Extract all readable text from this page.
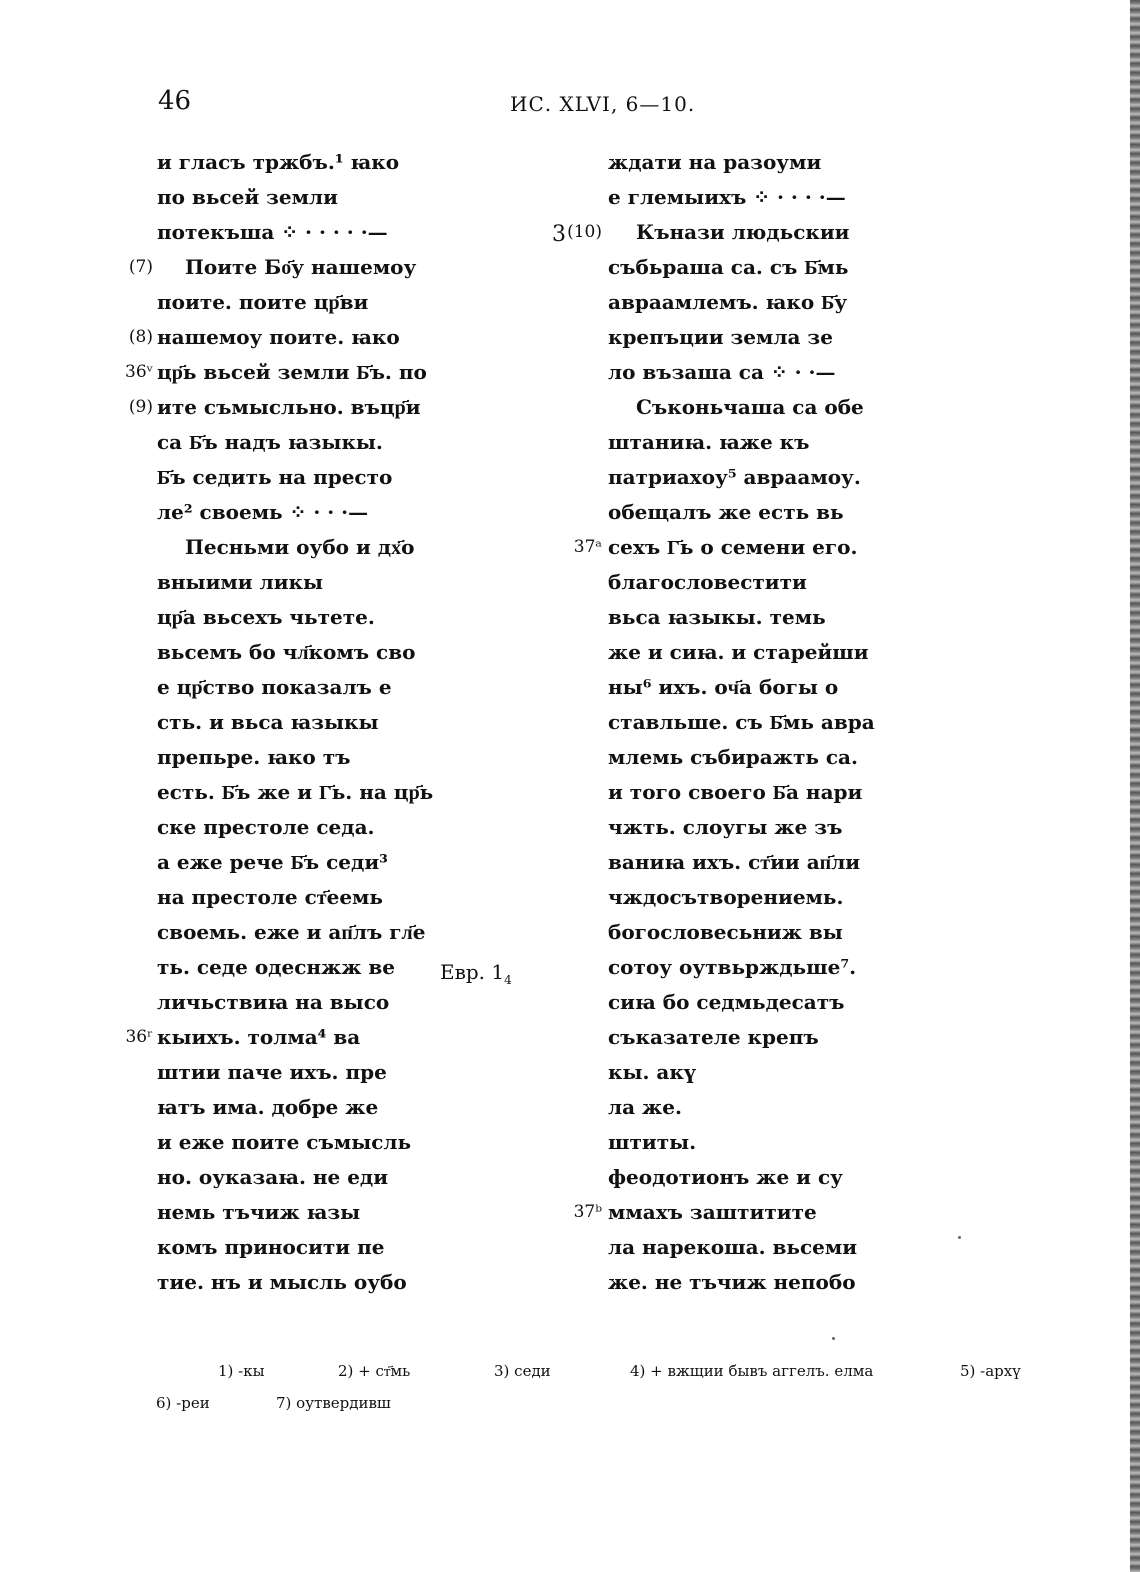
46	ИС. XLVI, 6—10.
и гласъ тржбъ.¹ ꙗко
по вьсей земли
потекъша ⁘ · · · · ·—
(7) Поите Бо҃у нашемоу
поите. поите цр҃ви
(8) нашемоу поите. ꙗко
36ᵛ цр҃ь вьсей земли Б҃ъ. по
(9) ите съмысльно. въцр҃и
са Б҃ъ надъ ꙗзыкы.
Б҃ъ седить на престо
ле² своемь ⁘ · · ·—
Песньми оубо и дх҃о
вныими ликы
цр҃а вьсехъ чьтете.
вьсемъ бо чл҃комъ сво
е цр҃ство показалъ е
сть. и вьса ꙗзыкы
препьре. ꙗко тъ
есть. Б҃ъ же и Г҃ь. на цр҃ь
ске престоле седа.
а еже рече Б҃ъ седи³
на престоле ст҃еемь
своемь. еже и ап҃лъ гл҃е
ть. седе одеснжж ве
личьствиꙗ на высо
36ʳ кыихъ. толма⁴ ва
штии паче ихъ. пре
ꙗтъ има. добре же
и еже поите съмысль
но. оуказаꙗ. не еди
немь тъчиж ꙗзы
комъ приносити пе
тие. нъ и мысль оубо
ждати на разоуми
е глемыихъ ⁘ · · · ·—
(10) Кънази людьскии
събьраша са. съ Б҃мь
авраамлемъ. ꙗко Б҃у
крепъции земла зе
ло възаша са ⁘ · ·—
Съконьчаша са обе
штаниꙗ. ꙗже къ
патриахоу⁵ авраамоу.
обещалъ же есть вь
37ᵃ сехъ Г҃ь о семени его.
благословестити
вьса ꙗзыкы. темь
же и сиꙗ. и старейши
ны⁶ ихъ. оч҃а богы о
ставльше. съ Б҃мь авра
млемь събиражть са.
и того своего Б҃а нари
чжть. слоугы же зъ
ваниꙗ ихъ. ст҃ии ап҃ли
чждосътворениемь.
богословесьниж вы
сотоу оутвьрждьше⁷.
сиꙗ бо седмьдесатъ
съказателе крепъ
кы. акү
ла же.
штиты.
феодотионъ же и су
37ᵇ ммахъ заштитите
ла нарекоша. вьсеми
же. не тъчиж непобо
3
Евр. $1_4$
1) -кы	2) + ст҃мь	3) седи	4) + вжщии бывъ аггелъ. елма	5) -архү
6) -реи	7) оутвердивш
